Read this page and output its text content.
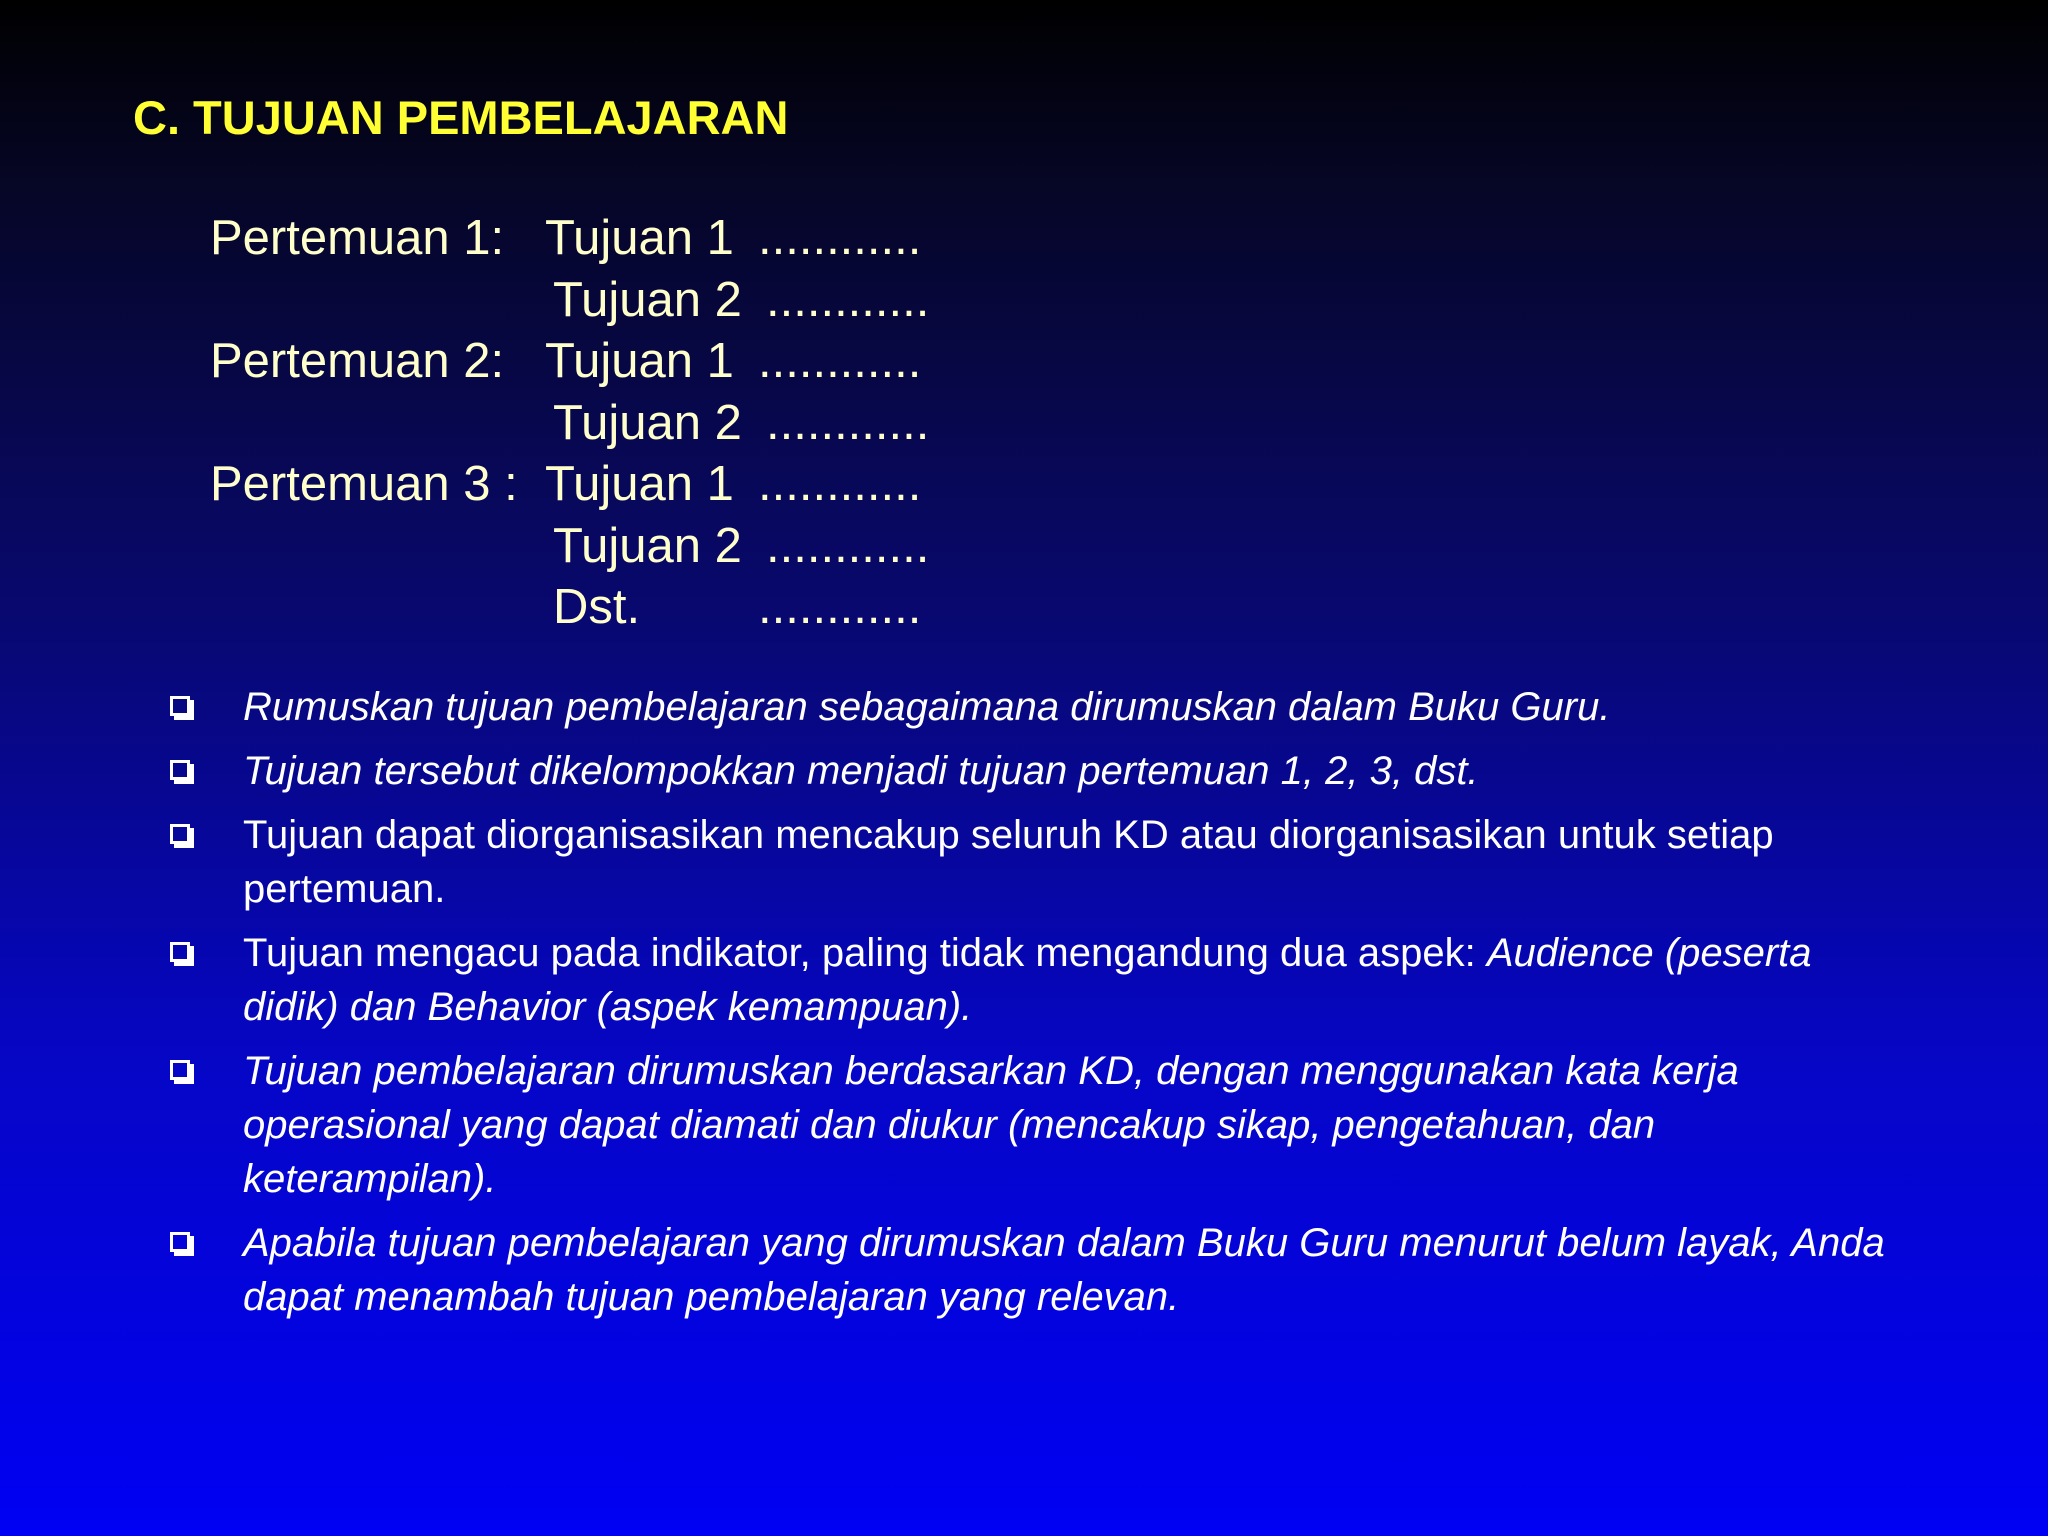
C. TUJUAN PEMBELAJARAN
Pertemuan 1: Tujuan 1 ............
Tujuan 2 ............
Pertemuan 2: Tujuan 1 ............
Tujuan 2 ............
Pertemuan 3 : Tujuan 1 ............
Tujuan 2 ............
Dst. ............
Rumuskan tujuan pembelajaran sebagaimana dirumuskan dalam Buku Guru.
Tujuan tersebut dikelompokkan menjadi tujuan pertemuan 1, 2, 3, dst.
Tujuan dapat diorganisasikan mencakup seluruh KD atau diorganisasikan untuk setiap pertemuan.
Tujuan mengacu pada indikator, paling tidak mengandung dua aspek: Audience (peserta didik) dan Behavior (aspek kemampuan).
Tujuan pembelajaran dirumuskan berdasarkan KD, dengan menggunakan kata kerja operasional yang dapat diamati dan diukur (mencakup sikap, pengetahuan, dan keterampilan).
Apabila tujuan pembelajaran yang dirumuskan dalam Buku Guru menurut belum layak, Anda dapat menambah tujuan pembelajaran yang relevan.
